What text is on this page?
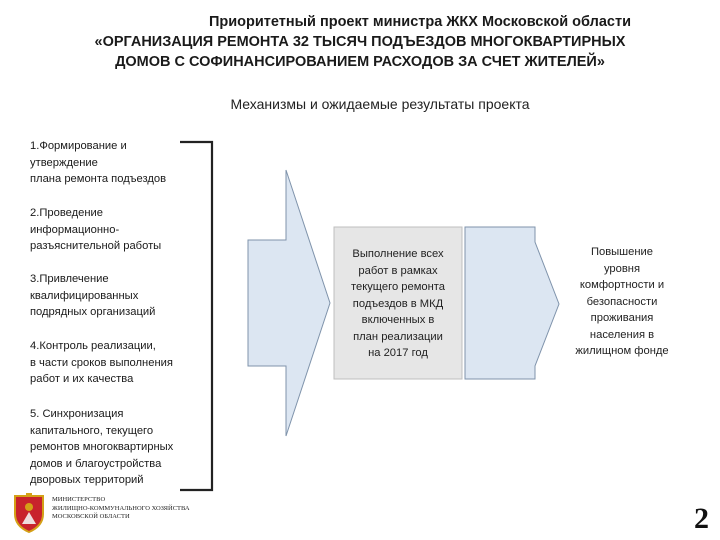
Приоритетный проект министра ЖКХ Московской области
«ОРГАНИЗАЦИЯ РЕМОНТА 32 ТЫСЯЧ ПОДЪЕЗДОВ МНОГОКВАРТИРНЫХ
ДОМОВ С СОФИНАНСИРОВАНИЕМ РАСХОДОВ ЗА СЧЕТ ЖИТЕЛЕЙ»
Механизмы и ожидаемые результаты проекта
1.Формирование и
утверждение
плана ремонта подъездов
2.Проведение
информационно-
разъяснительной работы
3.Привлечение
квалифицированных
подрядных организаций
4.Контроль реализации,
в части сроков выполнения
работ и их качества
5. Синхронизация
капитального, текущего
ремонтов многоквартирных
домов и благоустройства
дворовых территорий
Выполнение всех
работ в рамках
текущего ремонта
подъездов в МКД
включенных в
план реализации
на 2017 год
Повышение
уровня
комфортности и
безопасности
проживания
населения в
жилищном фонде
МИНИСТЕРСТВО
ЖИЛИЩНО-КОММУНАЛЬНОГО ХОЗЯЙСТВА
МОСКОВСКОЙ ОБЛАСТИ	2
